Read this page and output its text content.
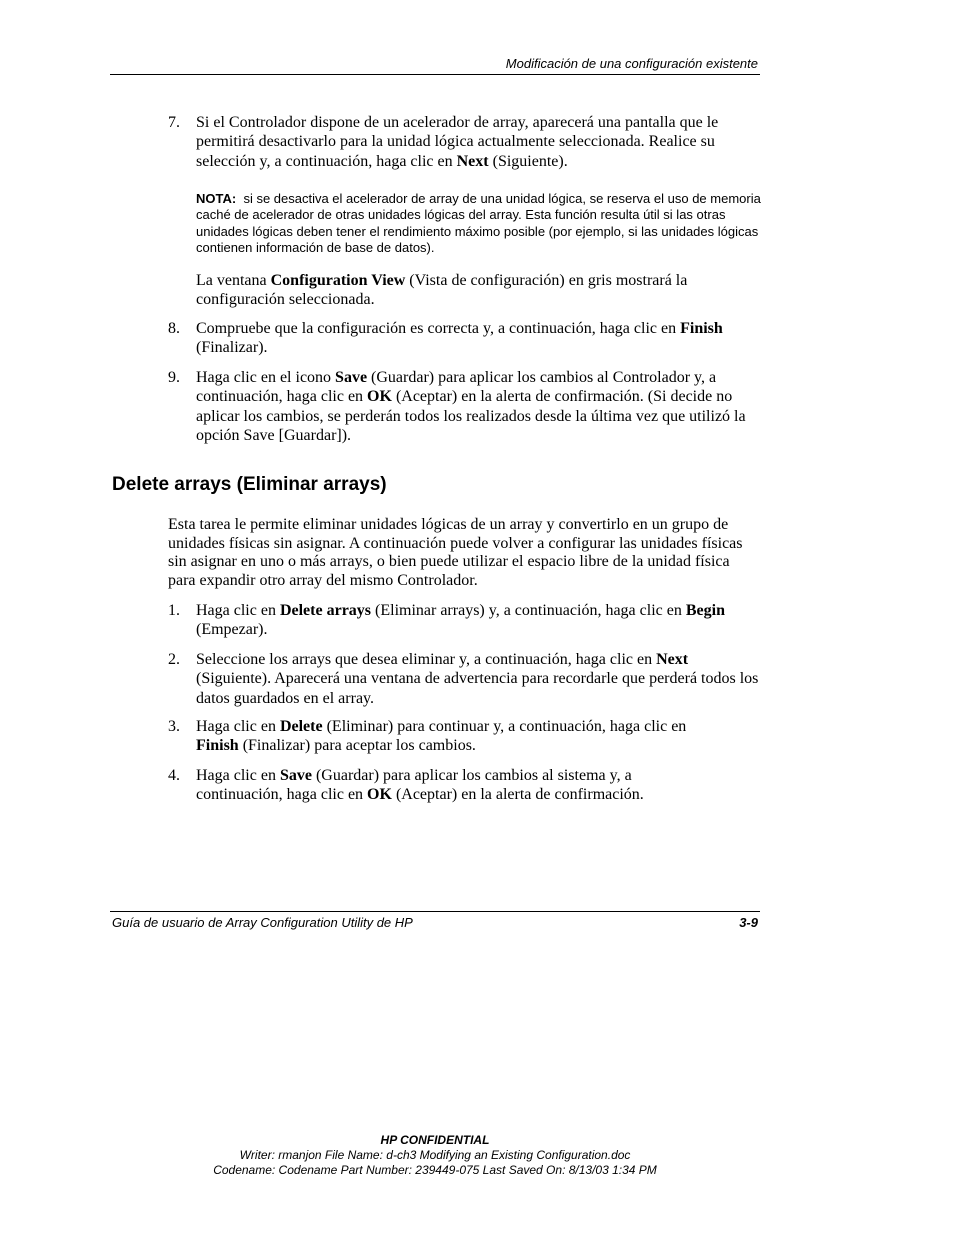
Modificación de una configuración existente
7. Si el Controlador dispone de un acelerador de array, aparecerá una pantalla que le permitirá desactivarlo para la unidad lógica actualmente seleccionada. Realice su selección y, a continuación, haga clic en Next (Siguiente).
NOTA: si se desactiva el acelerador de array de una unidad lógica, se reserva el uso de memoria caché de acelerador de otras unidades lógicas del array. Esta función resulta útil si las otras unidades lógicas deben tener el rendimiento máximo posible (por ejemplo, si las unidades lógicas contienen información de base de datos).
La ventana Configuration View (Vista de configuración) en gris mostrará la configuración seleccionada.
8. Compruebe que la configuración es correcta y, a continuación, haga clic en Finish (Finalizar).
9. Haga clic en el icono Save (Guardar) para aplicar los cambios al Controlador y, a continuación, haga clic en OK (Aceptar) en la alerta de confirmación. (Si decide no aplicar los cambios, se perderán todos los realizados desde la última vez que utilizó la opción Save [Guardar]).
Delete arrays (Eliminar arrays)
Esta tarea le permite eliminar unidades lógicas de un array y convertirlo en un grupo de unidades físicas sin asignar. A continuación puede volver a configurar las unidades físicas sin asignar en uno o más arrays, o bien puede utilizar el espacio libre de la unidad física para expandir otro array del mismo Controlador.
1. Haga clic en Delete arrays (Eliminar arrays) y, a continuación, haga clic en Begin (Empezar).
2. Seleccione los arrays que desea eliminar y, a continuación, haga clic en Next (Siguiente). Aparecerá una ventana de advertencia para recordarle que perderá todos los datos guardados en el array.
3. Haga clic en Delete (Eliminar) para continuar y, a continuación, haga clic en Finish (Finalizar) para aceptar los cambios.
4. Haga clic en Save (Guardar) para aplicar los cambios al sistema y, a continuación, haga clic en OK (Aceptar) en la alerta de confirmación.
Guía de usuario de Array Configuration Utility de HP	3-9
HP CONFIDENTIAL
Writer: rmanjon File Name: d-ch3 Modifying an Existing Configuration.doc
Codename: Codename Part Number: 239449-075 Last Saved On: 8/13/03 1:34 PM
